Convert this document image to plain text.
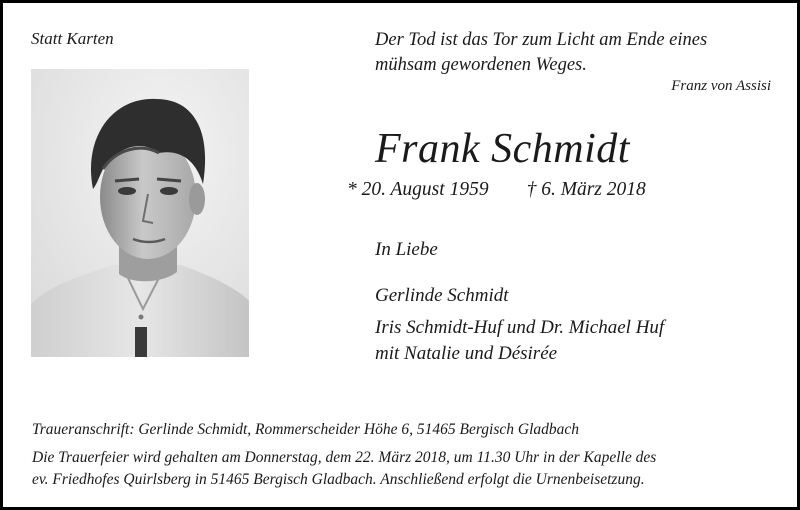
Statt Karten	Der Tod ist das Tor zum Licht am Ende eines
mühsam gewordenen Weges.
Franz von Assisi
Frank Schmidt
* 20. August 1959 † 6. März 2018
In Liebe
Gerlinde Schmidt
Iris Schmidt-Huf und Dr. Michael Huf
mit Natalie und Désirée
Traueranschrift: Gerlinde Schmidt, Rommerscheider Höhe 6, 51465 Bergisch Gladbach
Die Trauerfeier wird gehalten am Donnerstag, dem 22. März 2018, um 11.30 Uhr in der Kapelle des
ev. Friedhofes Quirlsberg in 51465 Bergisch Gladbach. Anschließend erfolgt die Urnenbeisetzung.
